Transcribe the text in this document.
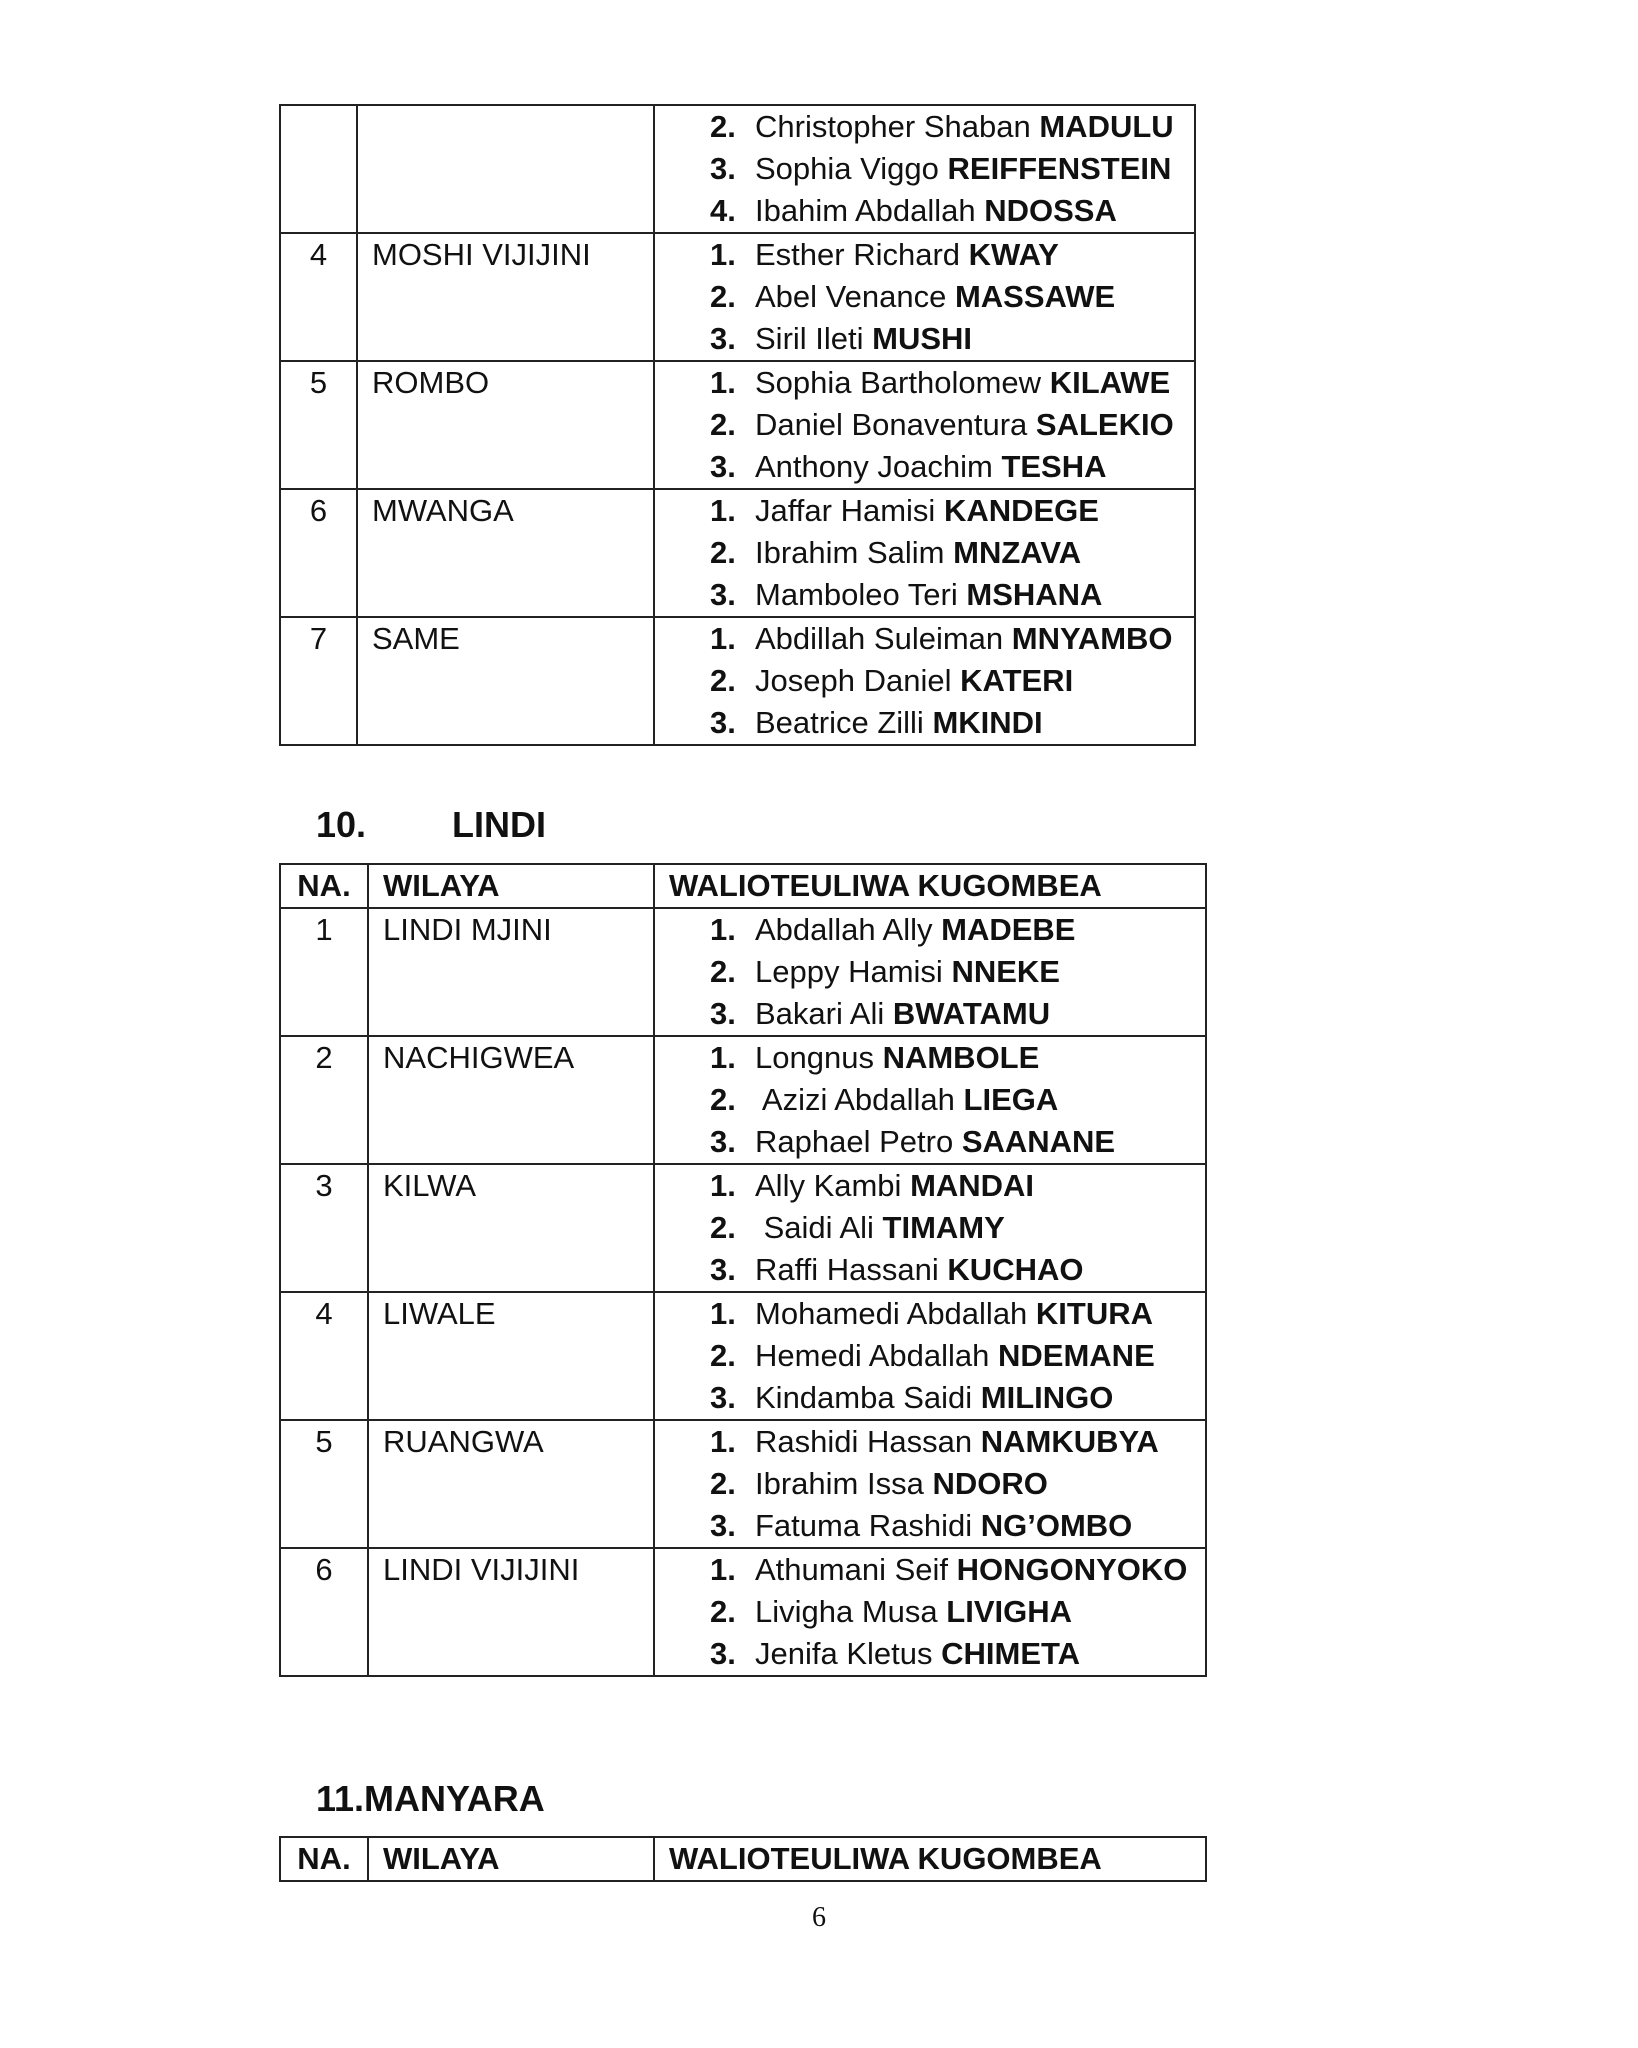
		2. Christopher Shaban MADULU
3. Sophia Viggo REIFFENSTEIN
4. Ibahim Abdallah NDOSSA

4	MOSHI VIJIJINI	1. Esther Richard KWAY
2. Abel Venance MASSAWE
3. Siril Ileti MUSHI

5	ROMBO	1. Sophia Bartholomew KILAWE
2. Daniel Bonaventura SALEKIO
3. Anthony Joachim TESHA

6	MWANGA	1. Jaffar Hamisi KANDEGE
2. Ibrahim Salim MNZAVA
3. Mamboleo Teri MSHANA

7	SAME	1. Abdillah Suleiman MNYAMBO
2. Joseph Daniel KATERI
3. Beatrice Zilli MKINDI
10. LINDI
NA.	WILAYA	WALIOTEULIWA KUGOMBEA
1	LINDI MJINI	1. Abdallah Ally MADEBE
2. Leppy Hamisi NNEKE
3. Bakari Ali BWATAMU

2	NACHIGWEA	1. Longnus NAMBOLE
2. Azizi Abdallah LIEGA
3. Raphael Petro SAANANE

3	KILWA	1. Ally Kambi MANDAI
2. Saidi Ali TIMAMY
3. Raffi Hassani KUCHAO

4	LIWALE	1. Mohamedi Abdallah KITURA
2. Hemedi Abdallah NDEMANE
3. Kindamba Saidi MILINGO

5	RUANGWA	1. Rashidi Hassan NAMKUBYA
2. Ibrahim Issa NDORO
3. Fatuma Rashidi NG’OMBO

6	LINDI VIJIJINI	1. Athumani Seif HONGONYOKO
2. Livigha Musa LIVIGHA
3. Jenifa Kletus CHIMETA
11.MANYARA
NA.	WILAYA	WALIOTEULIWA KUGOMBEA
6
